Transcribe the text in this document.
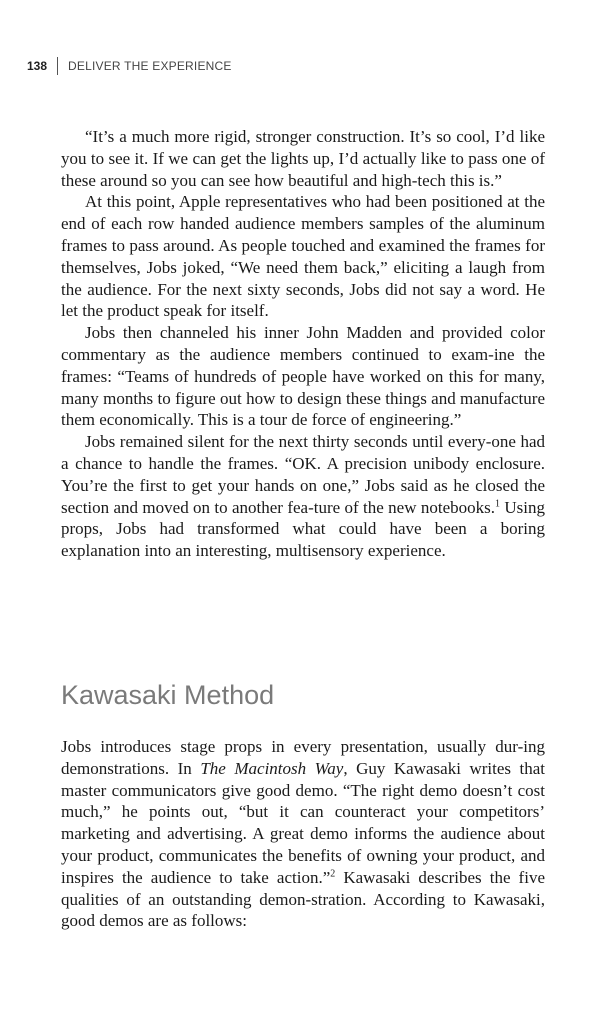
138 DELIVER THE EXPERIENCE

“It’s a much more rigid, stronger construction. It’s so cool, I’d like you to see it. If we can get the lights up, I’d actually like to pass one of these around so you can see how beautiful and high-tech this is.”

At this point, Apple representatives who had been positioned at the end of each row handed audience members samples of the aluminum frames to pass around. As people touched and examined the frames for themselves, Jobs joked, “We need them back,” eliciting a laugh from the audience. For the next sixty seconds, Jobs did not say a word. He let the product speak for itself.

Jobs then channeled his inner John Madden and provided color commentary as the audience members continued to exam-ine the frames: “Teams of hundreds of people have worked on this for many, many months to figure out how to design these things and manufacture them economically. This is a tour de force of engineering.”

Jobs remained silent for the next thirty seconds until every-one had a chance to handle the frames. “OK. A precision unibody enclosure. You’re the first to get your hands on one,” Jobs said as he closed the section and moved on to another fea-ture of the new notebooks.$^1$ Using props, Jobs had transformed what could have been a boring explanation into an interesting, multisensory experience.

Kawasaki Method

Jobs introduces stage props in every presentation, usually dur-ing demonstrations. In The Macintosh Way, Guy Kawasaki writes that master communicators give good demo. “The right demo doesn’t cost much,” he points out, “but it can counteract your competitors’ marketing and advertising. A great demo informs the audience about your product, communicates the benefits of owning your product, and inspires the audience to take action.”$^2$ Kawasaki describes the five qualities of an outstanding demon-stration. According to Kawasaki, good demos are as follows:
